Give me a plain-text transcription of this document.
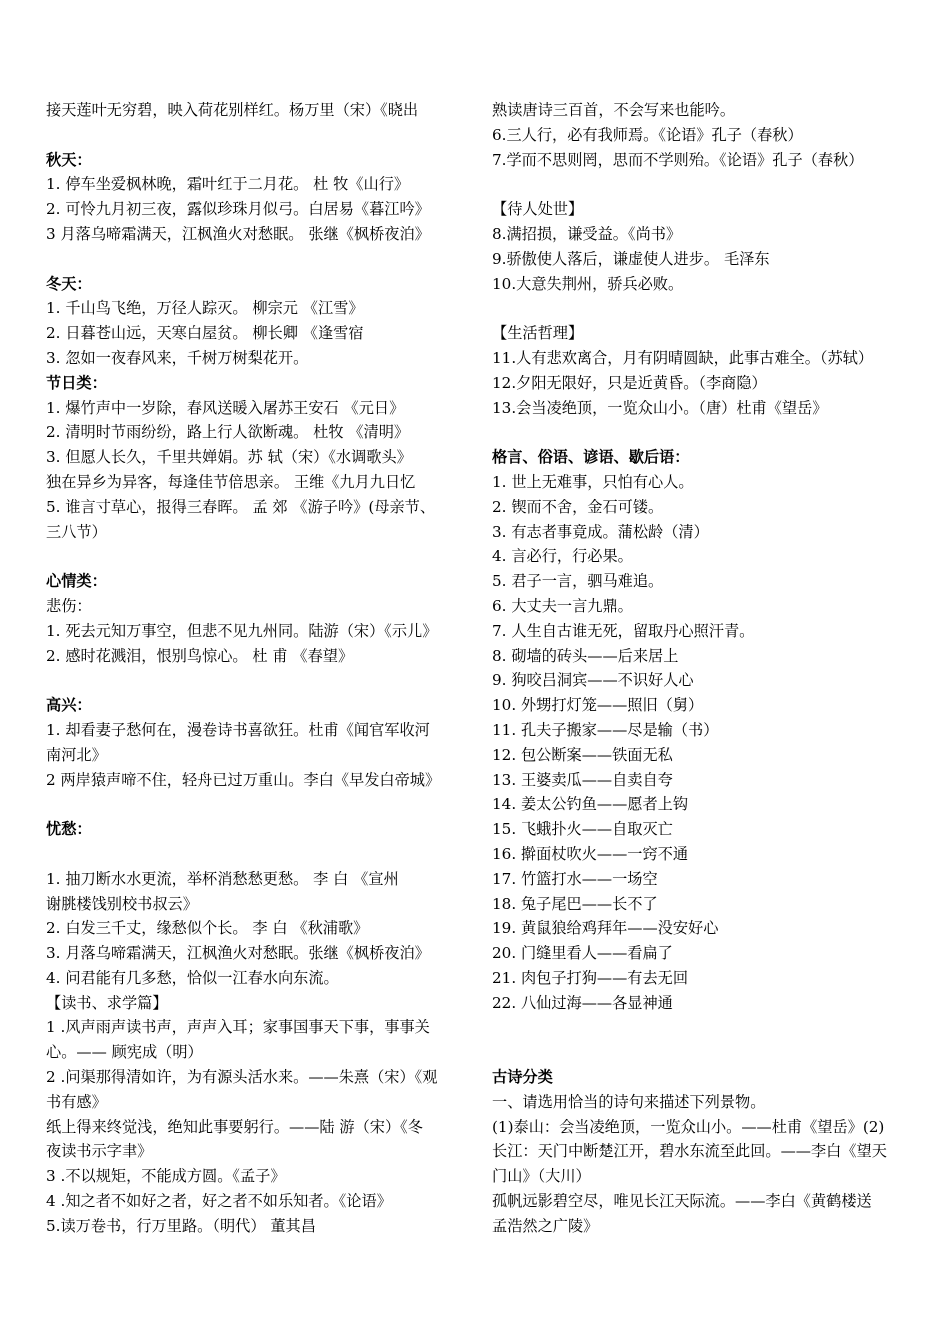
接天莲叶无穷碧，映入荷花别样红。杨万里（宋）《晓出
秋天：
1. 停车坐爱枫林晚，霜叶红于二月花。 杜 牧《山行》
2. 可怜九月初三夜，露似珍珠月似弓。白居易《暮江吟》
3 月落乌啼霜满天，江枫渔火对愁眠。 张继《枫桥夜泊》
冬天：
1. 千山鸟飞绝，万径人踪灭。 柳宗元 《江雪》
2. 日暮苍山远，天寒白屋贫。 柳长卿 《逢雪宿
3. 忽如一夜春风来，千树万树梨花开。
节日类：
1. 爆竹声中一岁除，春风送暖入屠苏王安石 《元日》
2. 清明时节雨纷纷，路上行人欲断魂。 杜牧 《清明》
3. 但愿人长久，千里共婵娟。苏 轼（宋）《水调歌头》
独在异乡为异客，每逢佳节倍思亲。 王维《九月九日忆
5. 谁言寸草心，报得三春晖。 孟 郊 《游子吟》(母亲节、
三八节）
心情类：
悲伤：
1. 死去元知万事空，但悲不见九州同。陆游（宋）《示儿》
2. 感时花溅泪，恨别鸟惊心。 杜 甫 《春望》
高兴：
1. 却看妻子愁何在，漫卷诗书喜欲狂。杜甫《闻官军收河
南河北》
2 两岸猿声啼不住，轻舟已过万重山。李白《早发白帝城》
忧愁：
1. 抽刀断水水更流，举杯消愁愁更愁。 李 白 《宣州
谢朓楼饯别校书叔云》
2. 白发三千丈，缘愁似个长。 李 白 《秋浦歌》
3. 月落乌啼霜满天，江枫渔火对愁眠。张继《枫桥夜泊》
4. 问君能有几多愁，恰似一江春水向东流。
【读书、求学篇】
1 .风声雨声读书声，声声入耳；家事国事天下事，事事关
心。—— 顾宪成（明）
2 .问渠那得清如许，为有源头活水来。——朱熹（宋）《观
书有感》
纸上得来终觉浅，绝知此事要躬行。——陆 游（宋）《冬
夜读书示字聿》
3 .不以规矩，不能成方圆。《孟子》
4 .知之者不如好之者，好之者不如乐知者。《论语》
5.读万卷书，行万里路。（明代） 董其昌
熟读唐诗三百首，不会写来也能吟。
6.三人行，必有我师焉。《论语》孔子（春秋）
7.学而不思则罔，思而不学则殆。《论语》孔子（春秋）
【待人处世】
8.满招损，谦受益。《尚书》
9.骄傲使人落后，谦虚使人进步。 毛泽东
10.大意失荆州，骄兵必败。
【生活哲理】
11.人有悲欢离合，月有阴晴圆缺，此事古难全。（苏轼）
12.夕阳无限好，只是近黄昏。（李商隐）
13.会当凌绝顶，一览众山小。（唐）杜甫《望岳》
格言、俗语、谚语、歇后语：
1. 世上无难事，只怕有心人。
2. 锲而不舍，金石可镂。
3. 有志者事竟成。蒲松龄（清）
4. 言必行，行必果。
5. 君子一言，驷马难追。
6. 大丈夫一言九鼎。
7. 人生自古谁无死，留取丹心照汗青。
8. 砌墙的砖头——后来居上
9. 狗咬吕洞宾——不识好人心
10. 外甥打灯笼——照旧（舅）
11. 孔夫子搬家——尽是输（书）
12. 包公断案——铁面无私
13. 王婆卖瓜——自卖自夸
14. 姜太公钓鱼——愿者上钩
15. 飞蛾扑火——自取灭亡
16. 擀面杖吹火——一窍不通
17. 竹篮打水——一场空
18. 兔子尾巴——长不了
19. 黄鼠狼给鸡拜年——没安好心
20. 门缝里看人——看扁了
21. 肉包子打狗——有去无回
22. 八仙过海——各显神通
古诗分类
一、请选用恰当的诗句来描述下列景物。
(1)泰山：会当凌绝顶，一览众山小。——杜甫《望岳》(2)
长江：天门中断楚江开，碧水东流至此回。——李白《望天
门山》（大川）
孤帆远影碧空尽，唯见长江天际流。——李白《黄鹤楼送
孟浩然之广陵》
